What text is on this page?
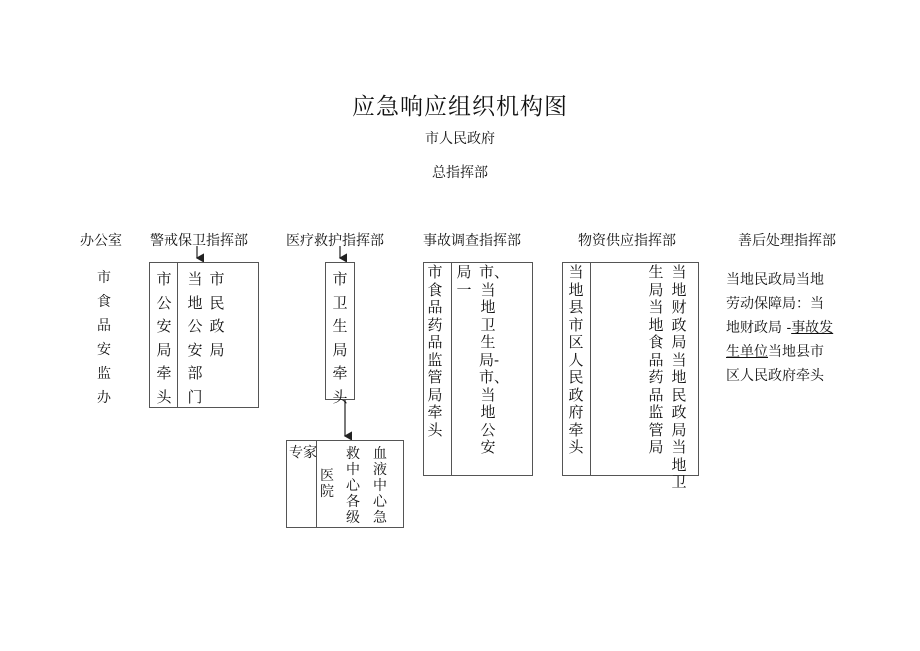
应急响应组织机构图
市人民政府
总指挥部
办公室 警戒保卫指挥部	医疗救护指挥部	事故调查指挥部	物资供应指挥部	善后处理指挥部
市食品安监办
市公安局牵头
当地公安部门
市民政局
市卫生局牵头
专家
医院
救中心各级
血液中心急
市食品药品监管局牵头
局一
市、当地卫生局-市、当地公安
当地县市区人民政府牵头
生局当地食品药品监管局
当地财政局当地民政局当地卫
当地民政局当地劳动保障局：当地财政局 -事故发生单位当地县市区人民政府牵头
